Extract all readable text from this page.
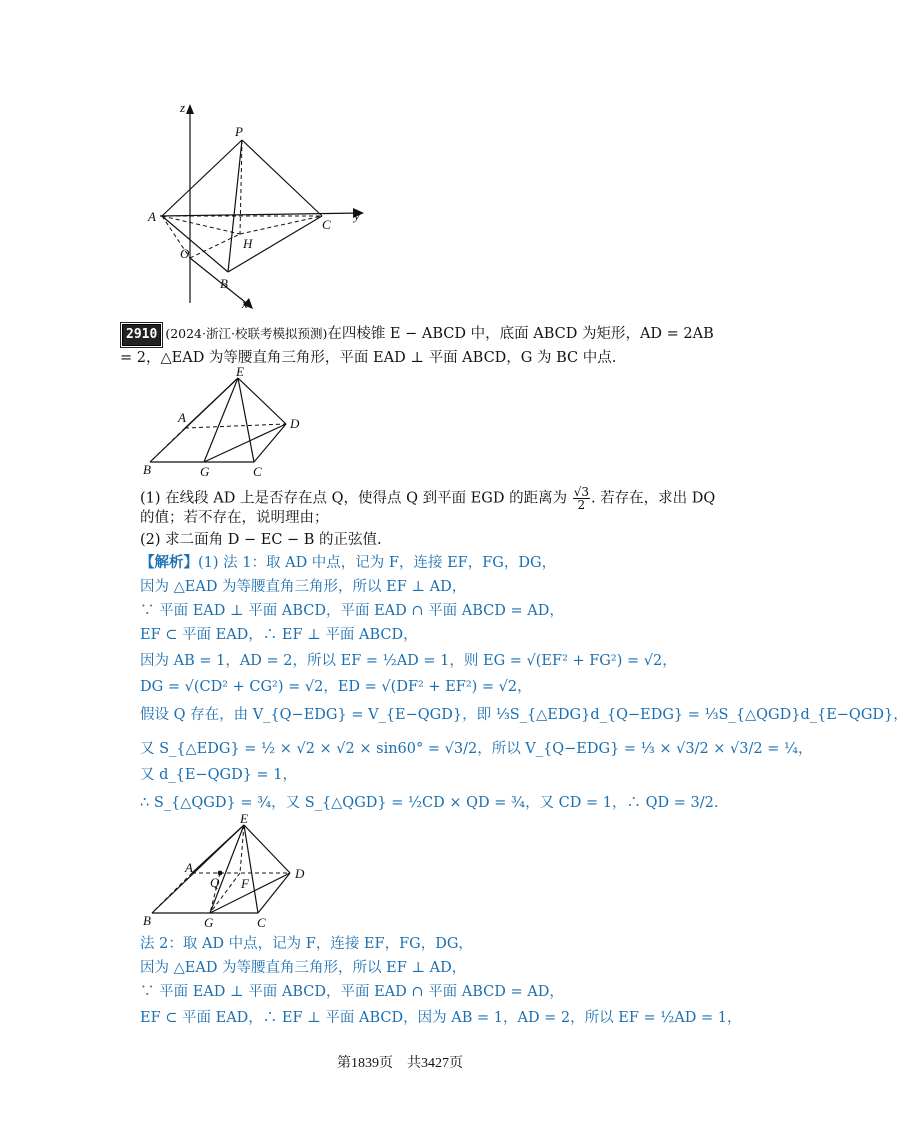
z
y
x
P
A
C
H
O
B
2910 (2024·浙江·校联考模拟预测)在四棱锥 E − ABCD 中，底面 ABCD 为矩形，AD = 2AB
= 2，△EAD 为等腰直角三角形，平面 EAD ⊥ 平面 ABCD，G 为 BC 中点.
E
A	D
B	G	C
(1) 在线段 AD 上是否存在点 Q，使得点 Q 到平面 EGD 的距离为 $\frac{√3}{2}$ . 若存在，求出 DQ
的值；若不存在，说明理由；
(2) 求二面角 D − EC − B 的正弦值.
【解析】(1) 法 1：取 AD 中点，记为 F，连接 EF，FG，DG，
因为 △EAD 为等腰直角三角形，所以 EF ⊥ AD，
∵ 平面 EAD ⊥ 平面 ABCD，平面 EAD ∩ 平面 ABCD = AD，
EF ⊂ 平面 EAD，∴ EF ⊥ 平面 ABCD，
因为 AB = 1，AD = 2，所以 EF = ½AD = 1，则 EG = √(EF² + FG²) = √2，
DG = √(CD² + CG²) = √2，ED = √(DF² + EF²) = √2，
假设 Q 存在，由 V_{Q−EDG} = V_{E−QGD}，即 ⅓S_{△EDG}d_{Q−EDG} = ⅓S_{△QGD}d_{E−QGD}，
又 S_{△EDG} = ½ × √2 × √2 × sin60° = √3/2，所以 V_{Q−EDG} = ⅓ × √3/2 × √3/2 = ¼，
又 d_{E−QGD} = 1，
∴ S_{△QGD} = ¾，又 S_{△QGD} = ½CD × QD = ¾，又 CD = 1，∴ QD = 3/2.
E
A
Q F
D
B	G	C
法 2：取 AD 中点，记为 F，连接 EF，FG，DG，
因为 △EAD 为等腰直角三角形，所以 EF ⊥ AD，
∵ 平面 EAD ⊥ 平面 ABCD，平面 EAD ∩ 平面 ABCD = AD，
EF ⊂ 平面 EAD，∴ EF ⊥ 平面 ABCD，因为 AB = 1，AD = 2，所以 EF = ½AD = 1，
第1839页 共3427页
